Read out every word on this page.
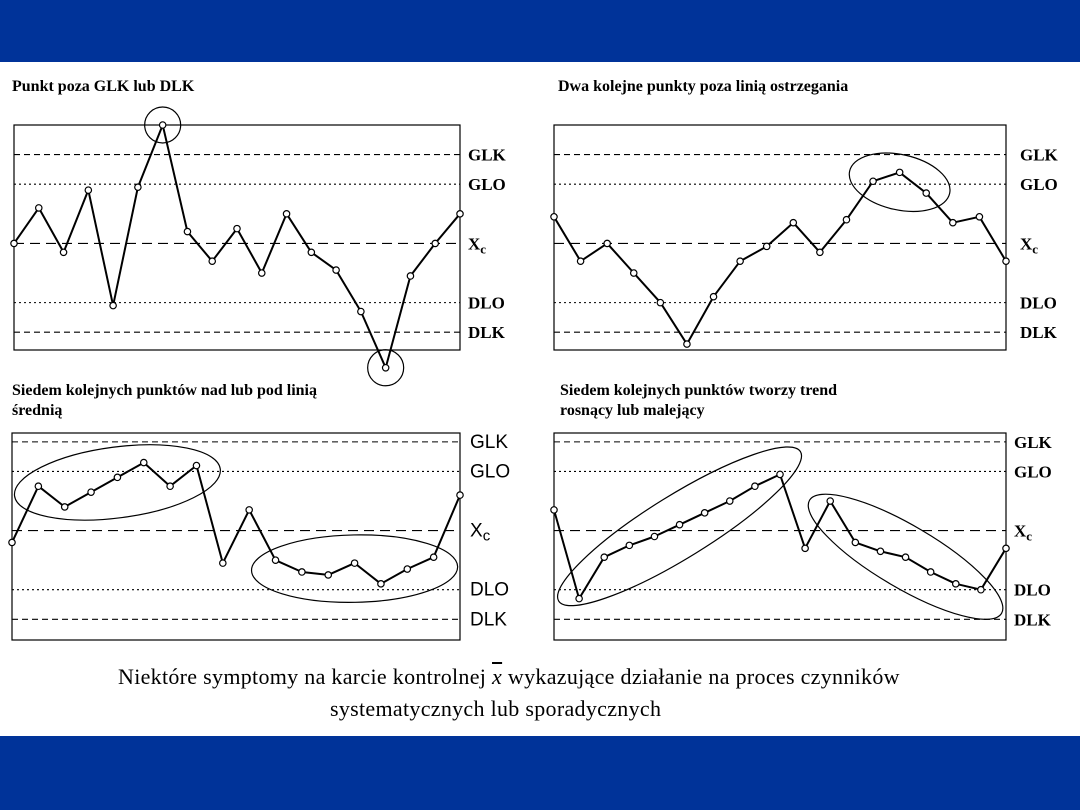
Punkt poza GLK lub DLK
GLK
GLO
$X_c$
DLO
DLK
Dwa kolejne punkty poza linią ostrzegania
GLK
GLO
$X_c$
DLO
DLK
Siedem kolejnych punktów nad lub pod linią
średnią
GLK
GLO
$X_c$
DLO
DLK
Siedem kolejnych punktów tworzy trend
rosnący lub malejący
GLK
GLO
$X_c$
DLO
DLK
Niektóre symptomy na karcie kontrolnej $\overline{x}$ wykazujące działanie na proces czynników
systematycznych lub sporadycznych
